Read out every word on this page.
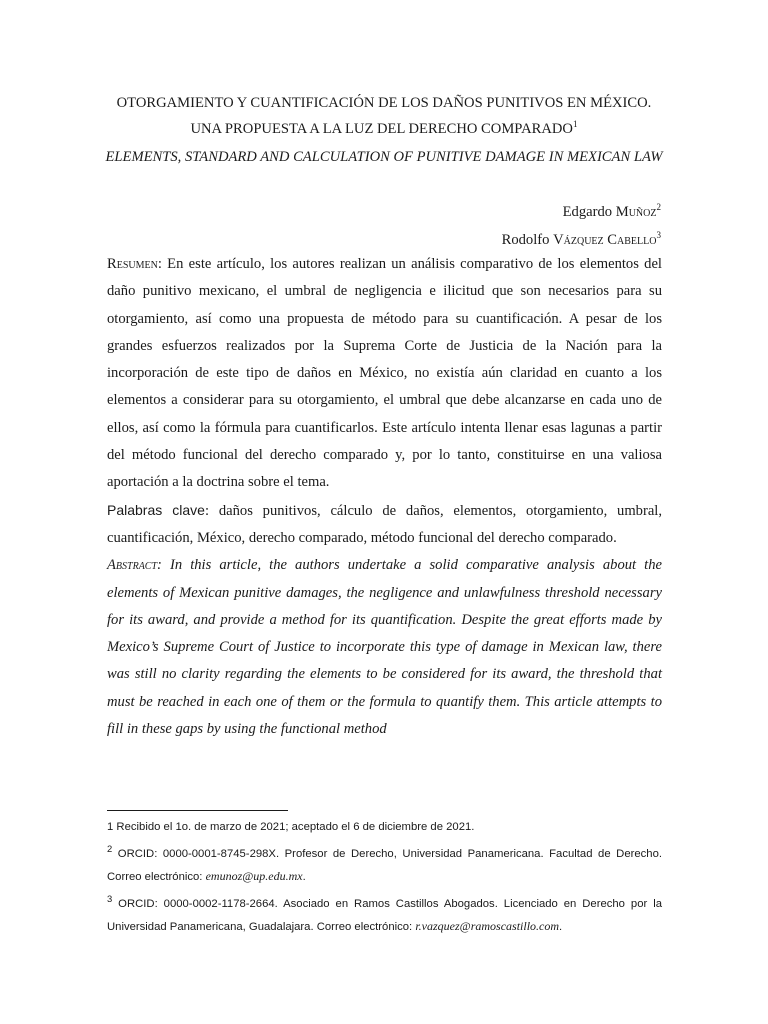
OTORGAMIENTO Y CUANTIFICACIÓN DE LOS DAÑOS PUNITIVOS EN MÉXICO. UNA PROPUESTA A LA LUZ DEL DERECHO COMPARADO$^1$
ELEMENTS, STANDARD AND CALCULATION OF PUNITIVE DAMAGE IN MEXICAN LAW
Edgardo Muñoz$^2$
Rodolfo Vázquez Cabello$^3$

Resumen: En este artículo, los autores realizan un análisis comparativo de los elementos del daño punitivo mexicano, el umbral de negligencia e ilicitud que son necesarios para su otorgamiento, así como una propuesta de método para su cuantificación. A pesar de los grandes esfuerzos realizados por la Suprema Corte de Justicia de la Nación para la incorporación de este tipo de daños en México, no existía aún claridad en cuanto a los elementos a considerar para su otorgamiento, el umbral que debe alcanzarse en cada uno de ellos, así como la fórmula para cuantificarlos. Este artículo intenta llenar esas lagunas a partir del método funcional del derecho comparado y, por lo tanto, constituirse en una valiosa aportación a la doctrina sobre el tema.

Palabras clave: daños punitivos, cálculo de daños, elementos, otorgamiento, umbral, cuantificación, México, derecho comparado, método funcional del derecho comparado.

Abstract: In this article, the authors undertake a solid comparative analysis about the elements of Mexican punitive damages, the negligence and unlawfulness threshold necessary for its award, and provide a method for its quantification. Despite the great efforts made by Mexico’s Supreme Court of Justice to incorporate this type of damage in Mexican law, there was still no clarity regarding the elements to be considered for its award, the threshold that must be reached in each one of them or the formula to quantify them. This article attempts to fill in these gaps by using the functional method

1 Recibido el 1o. de marzo de 2021; aceptado el 6 de diciembre de 2021.

$^2$ ORCID: 0000-0001-8745-298X. Profesor de Derecho, Universidad Panamericana. Facultad de Derecho. Correo electrónico: emunoz@up.edu.mx.

$^3$ ORCID: 0000-0002-1178-2664. Asociado en Ramos Castillos Abogados. Licenciado en Derecho por la Universidad Panamericana, Guadalajara. Correo electrónico: r.vazquez@ramoscastillo.com.
